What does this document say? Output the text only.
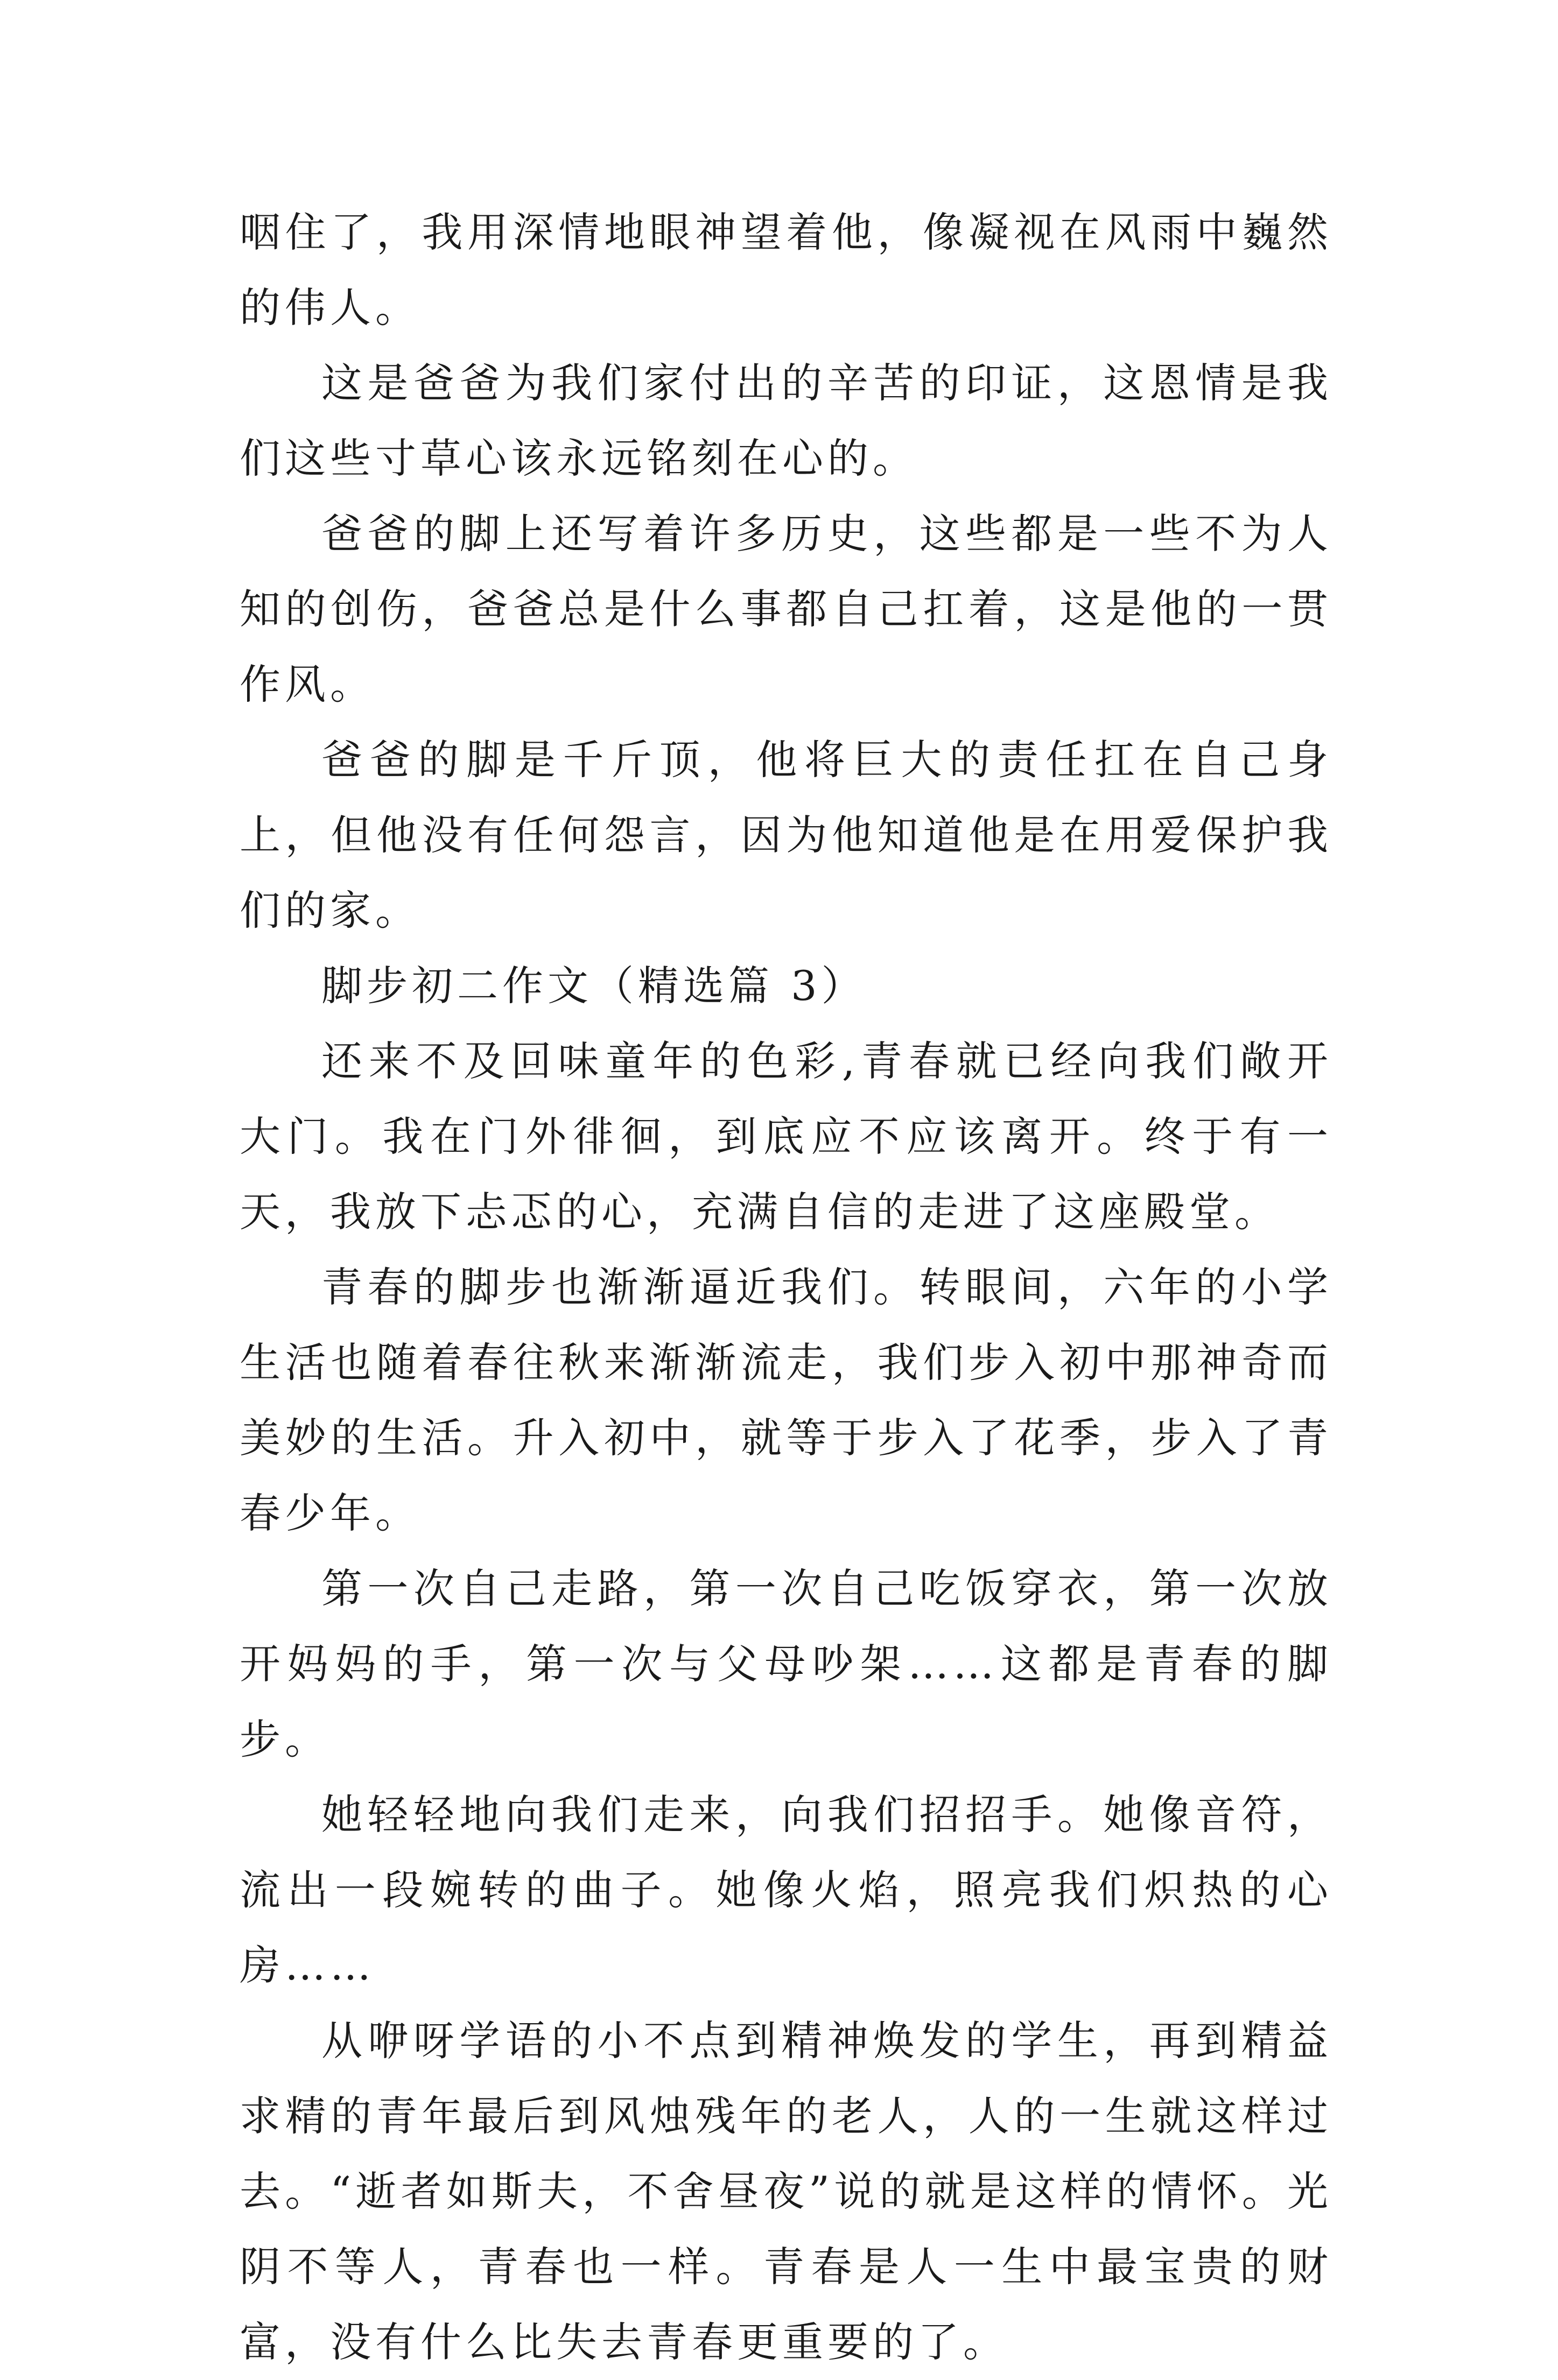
咽住了，我用深情地眼神望着他，像凝视在风雨中巍然的伟人。

这是爸爸为我们家付出的辛苦的印证，这恩情是我们这些寸草心该永远铭刻在心的。

爸爸的脚上还写着许多历史，这些都是一些不为人知的创伤，爸爸总是什么事都自己扛着，这是他的一贯作风。

爸爸的脚是千斤顶，他将巨大的责任扛在自己身上，但他没有任何怨言，因为他知道他是在用爱保护我们的家。

脚步初二作文（精选篇 3）

还来不及回味童年的色彩,青春就已经向我们敞开大门。我在门外徘徊，到底应不应该离开。终于有一天，我放下忐忑的心，充满自信的走进了这座殿堂。

青春的脚步也渐渐逼近我们。转眼间，六年的小学生活也随着春往秋来渐渐流走，我们步入初中那神奇而美妙的生活。升入初中，就等于步入了花季，步入了青春少年。

第一次自己走路，第一次自己吃饭穿衣，第一次放开妈妈的手，第一次与父母吵架……这都是青春的脚步。

她轻轻地向我们走来，向我们招招手。她像音符，流出一段婉转的曲子。她像火焰，照亮我们炽热的心房……

从咿呀学语的小不点到精神焕发的学生，再到精益求精的青年最后到风烛残年的老人，人的一生就这样过去。“逝者如斯夫，不舍昼夜”说的就是这样的情怀。光阴不等人，青春也一样。青春是人一生中最宝贵的财富，没有什么比失去青春更重要的了。
